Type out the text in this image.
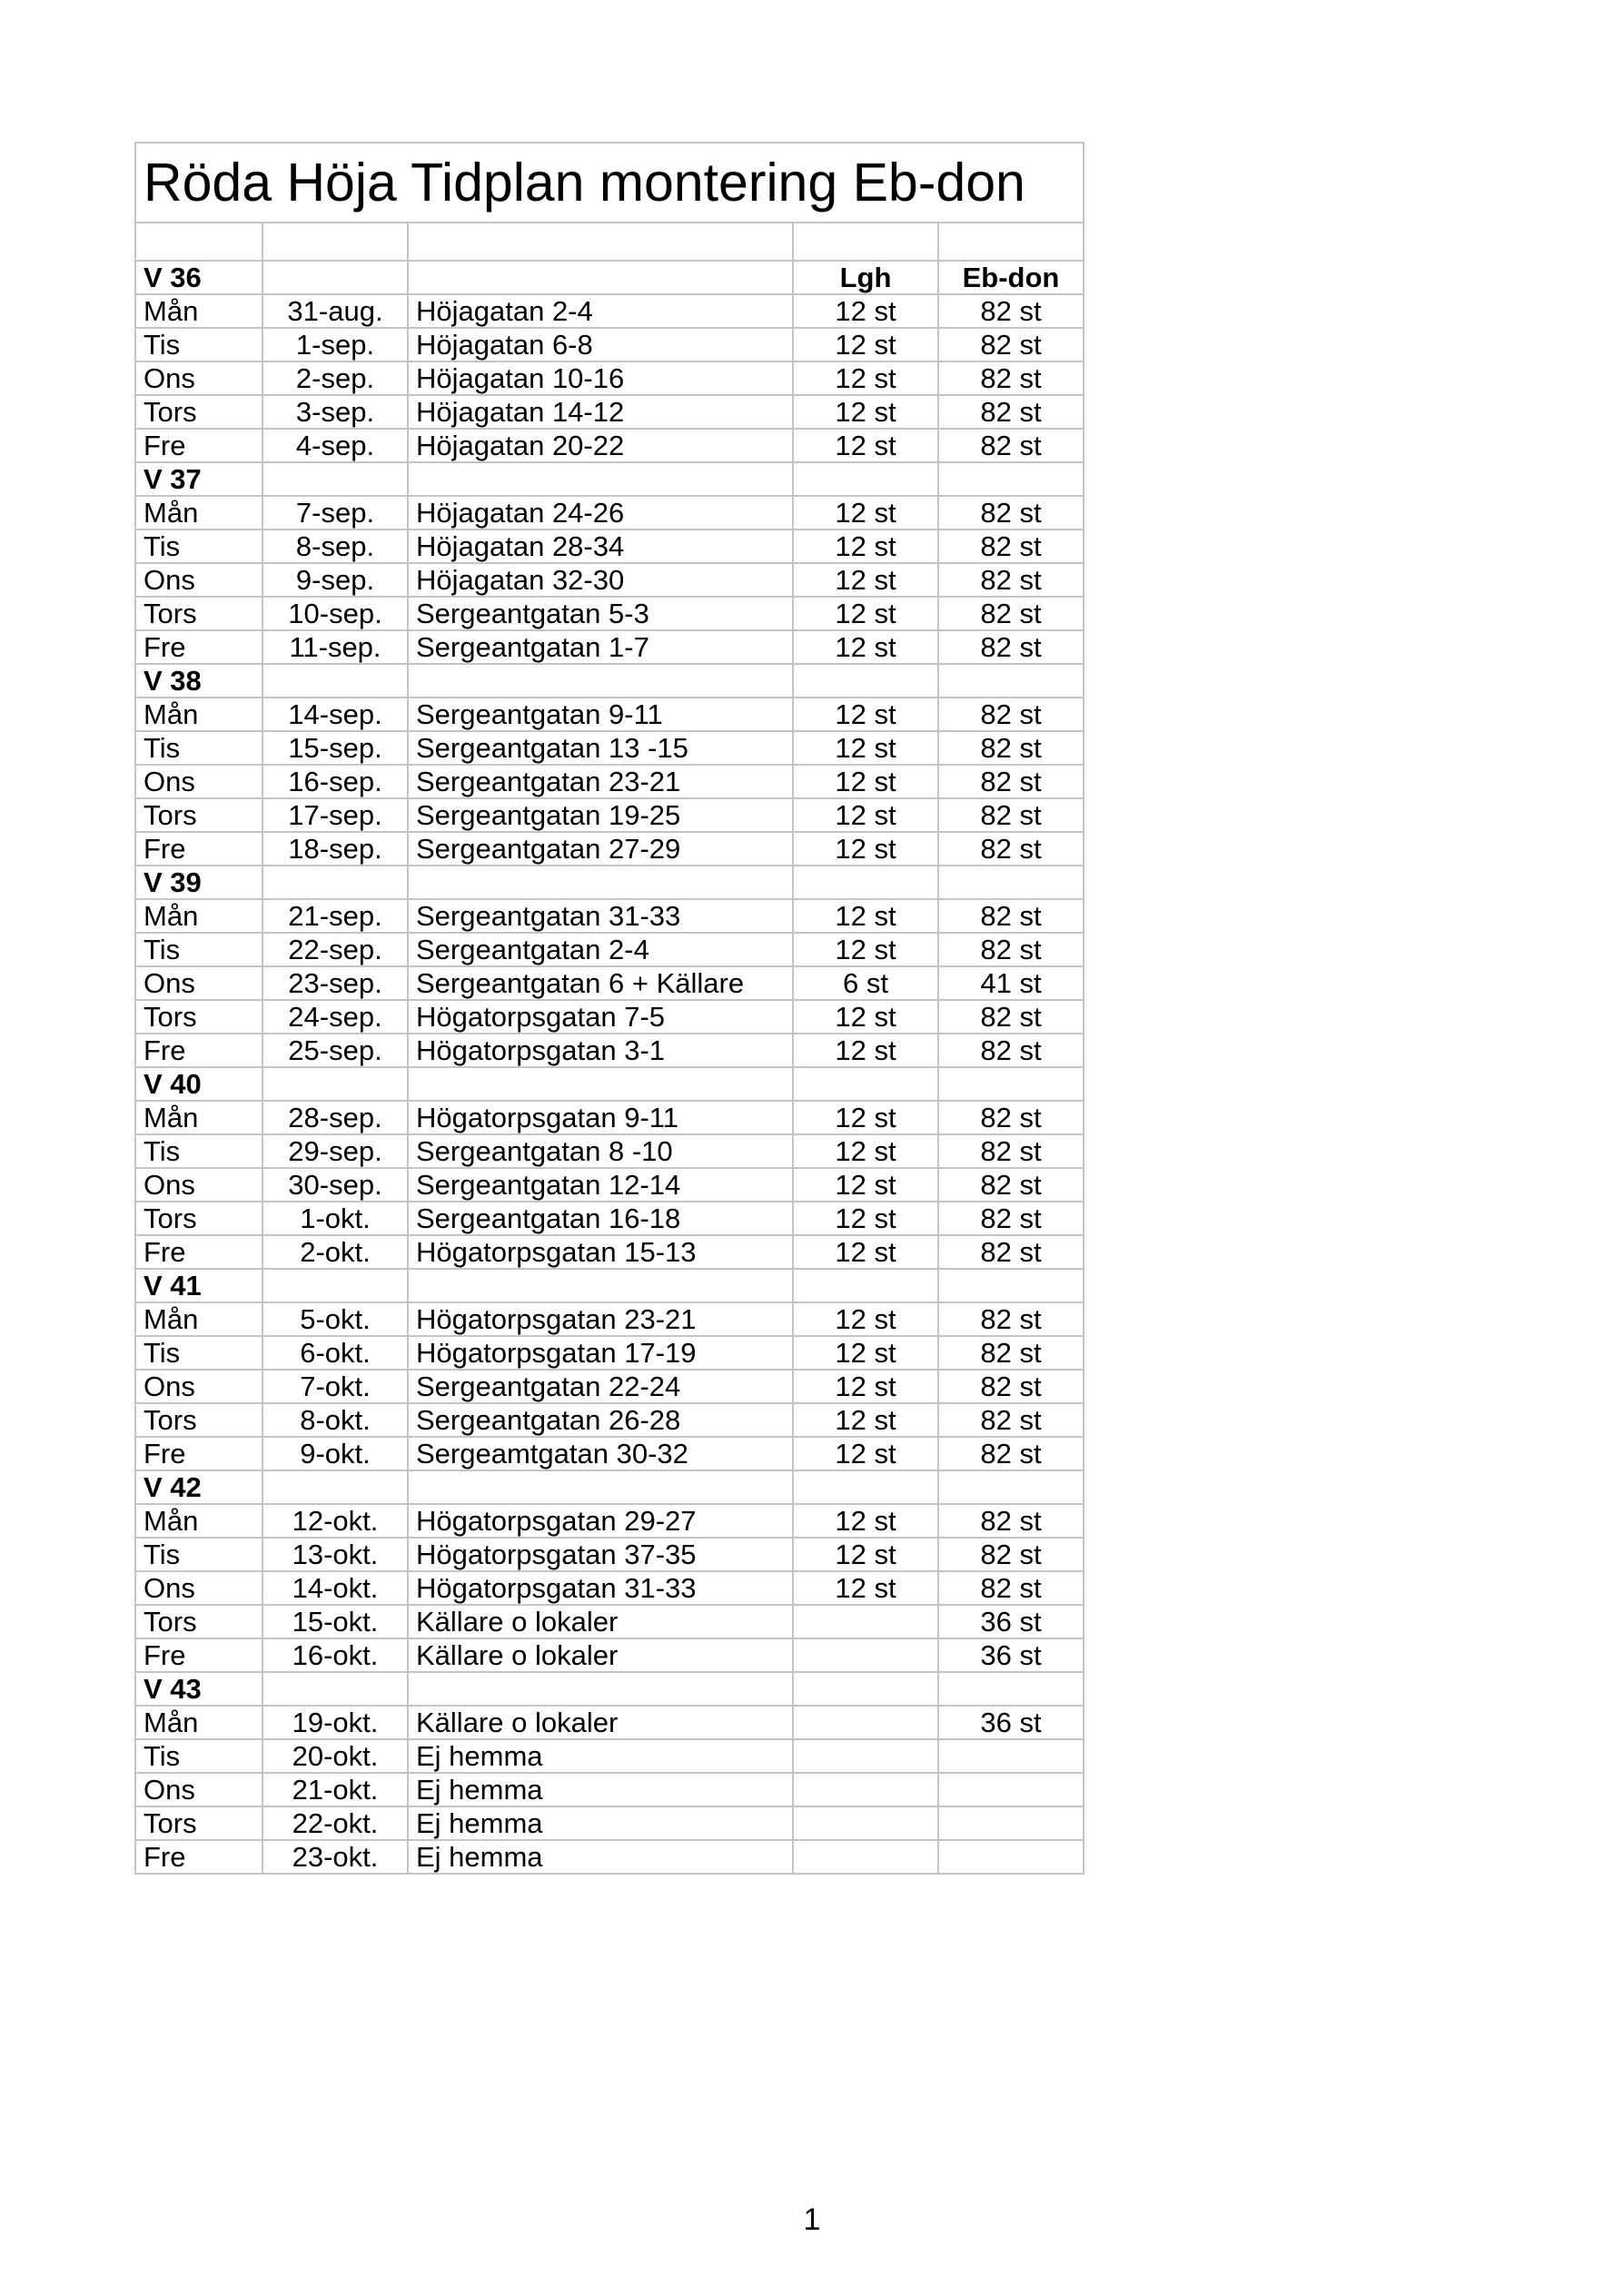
Röda Höja Tidplan montering Eb-don				

V 36			Lgh	Eb-don
Mån	31-aug.	Höjagatan 2-4	12 st	82 st
Tis	1-sep.	Höjagatan 6-8	12 st	82 st
Ons	2-sep.	Höjagatan 10-16	12 st	82 st
Tors	3-sep.	Höjagatan 14-12	12 st	82 st
Fre	4-sep.	Höjagatan 20-22	12 st	82 st
V 37				
Mån	7-sep.	Höjagatan 24-26	12 st	82 st
Tis	8-sep.	Höjagatan 28-34	12 st	82 st
Ons	9-sep.	Höjagatan 32-30	12 st	82 st
Tors	10-sep.	Sergeantgatan 5-3	12 st	82 st
Fre	11-sep.	Sergeantgatan 1-7	12 st	82 st
V 38				
Mån	14-sep.	Sergeantgatan 9-11	12 st	82 st
Tis	15-sep.	Sergeantgatan 13 -15	12 st	82 st
Ons	16-sep.	Sergeantgatan 23-21	12 st	82 st
Tors	17-sep.	Sergeantgatan 19-25	12 st	82 st
Fre	18-sep.	Sergeantgatan 27-29	12 st	82 st
V 39				
Mån	21-sep.	Sergeantgatan 31-33	12 st	82 st
Tis	22-sep.	Sergeantgatan 2-4	12 st	82 st
Ons	23-sep.	Sergeantgatan 6 + Källare	6 st	41 st
Tors	24-sep.	Högatorpsgatan 7-5	12 st	82 st
Fre	25-sep.	Högatorpsgatan 3-1	12 st	82 st
V 40				
Mån	28-sep.	Högatorpsgatan 9-11	12 st	82 st
Tis	29-sep.	Sergeantgatan 8 -10	12 st	82 st
Ons	30-sep.	Sergeantgatan 12-14	12 st	82 st
Tors	1-okt.	Sergeantgatan 16-18	12 st	82 st
Fre	2-okt.	Högatorpsgatan 15-13	12 st	82 st
V 41				
Mån	5-okt.	Högatorpsgatan 23-21	12 st	82 st
Tis	6-okt.	Högatorpsgatan 17-19	12 st	82 st
Ons	7-okt.	Sergeantgatan 22-24	12 st	82 st
Tors	8-okt.	Sergeantgatan 26-28	12 st	82 st
Fre	9-okt.	Sergeamtgatan 30-32	12 st	82 st
V 42				
Mån	12-okt.	Högatorpsgatan 29-27	12 st	82 st
Tis	13-okt.	Högatorpsgatan 37-35	12 st	82 st
Ons	14-okt.	Högatorpsgatan 31-33	12 st	82 st
Tors	15-okt.	Källare o lokaler		36 st
Fre	16-okt.	Källare o lokaler		36 st
V 43				
Mån	19-okt.	Källare o lokaler		36 st
Tis	20-okt.	Ej hemma		
Ons	21-okt.	Ej hemma		
Tors	22-okt.	Ej hemma		
Fre	23-okt.	Ej hemma		
1
